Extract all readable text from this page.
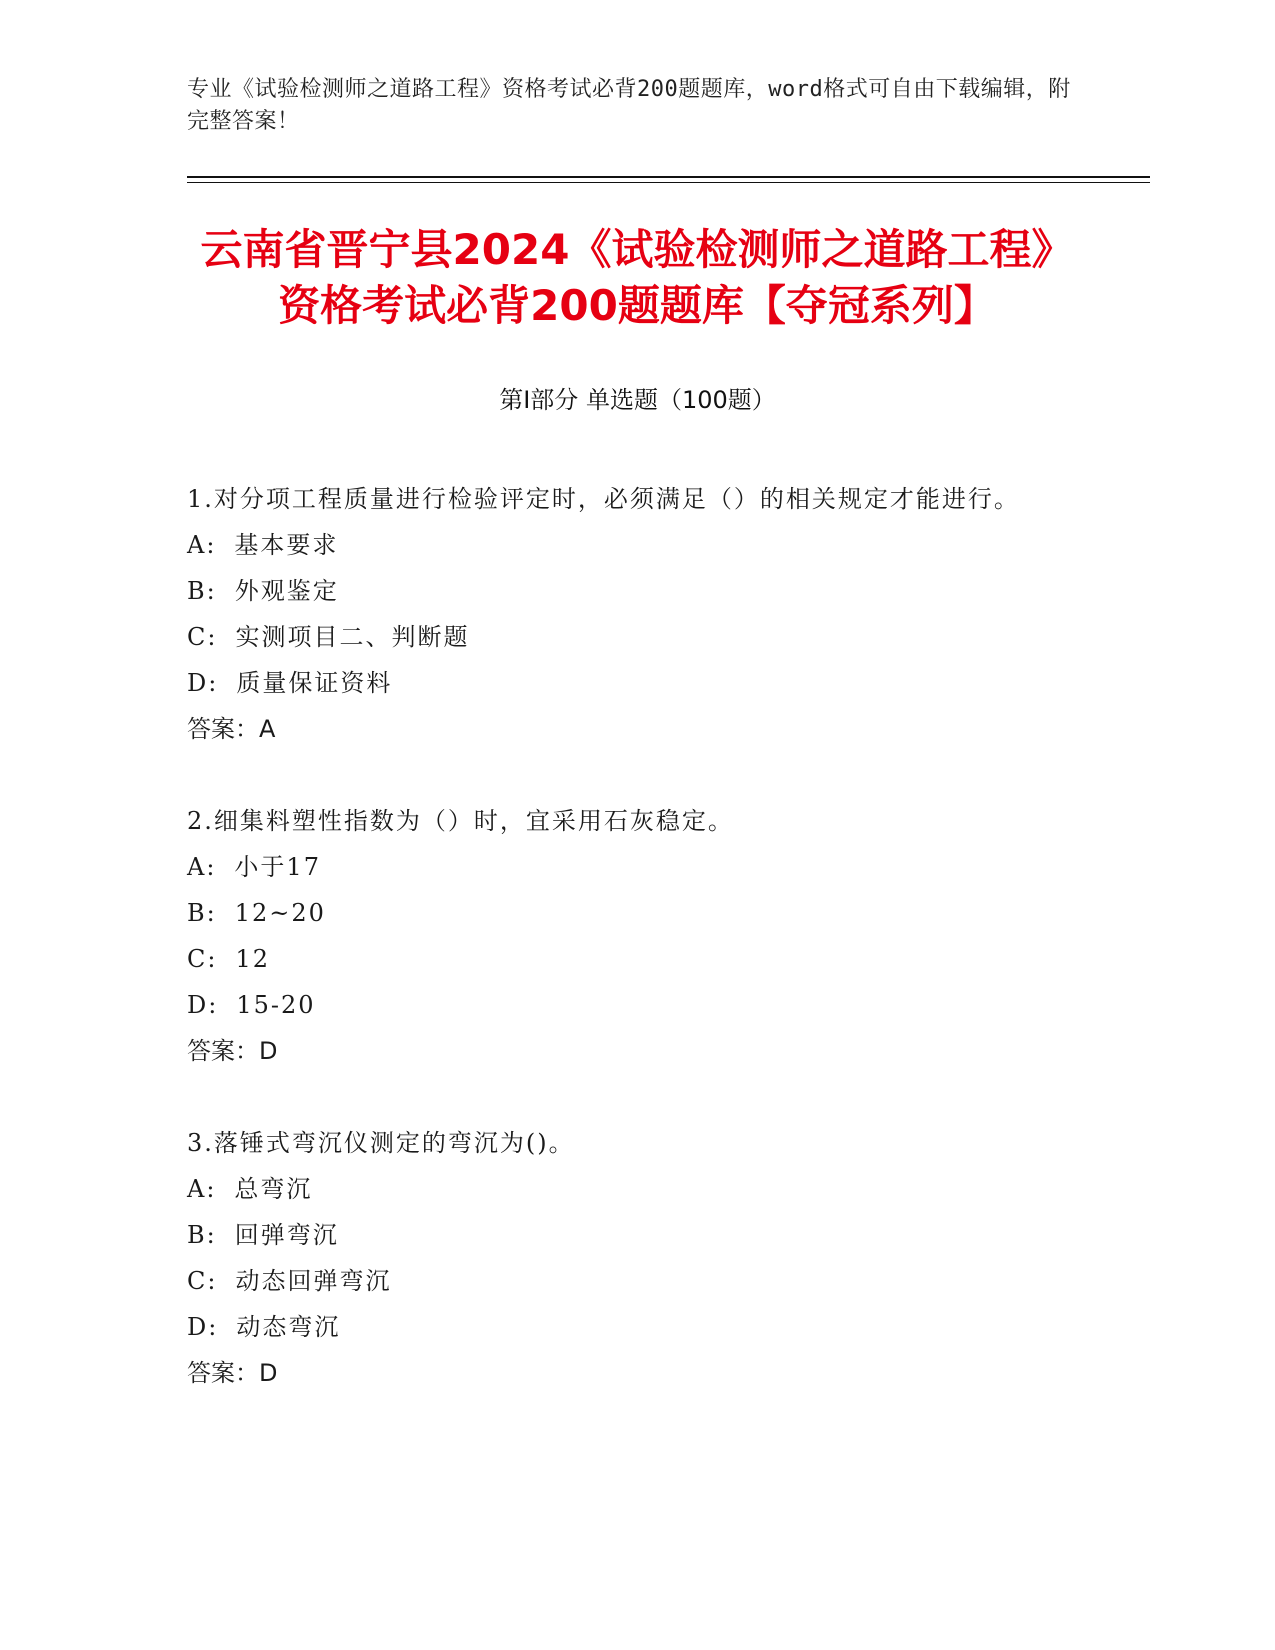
专业《试验检测师之道路工程》资格考试必背200题题库，word格式可自由下载编辑，附完整答案！
云南省晋宁县2024《试验检测师之道路工程》资格考试必背200题题库【夺冠系列】
第Ⅰ部分 单选题（100题）

1.对分项工程质量进行检验评定时，必须满足（）的相关规定才能进行。

A: 基本要求
B: 外观鉴定
C: 实测项目二、判断题
D: 质量保证资料

答案：A

2.细集料塑性指数为（）时，宜采用石灰稳定。

A: 小于17
B: 12~20
C: 12
D: 15-20

答案：D

3.落锤式弯沉仪测定的弯沉为()。

A: 总弯沉
B: 回弹弯沉
C: 动态回弹弯沉
D: 动态弯沉

答案：D
